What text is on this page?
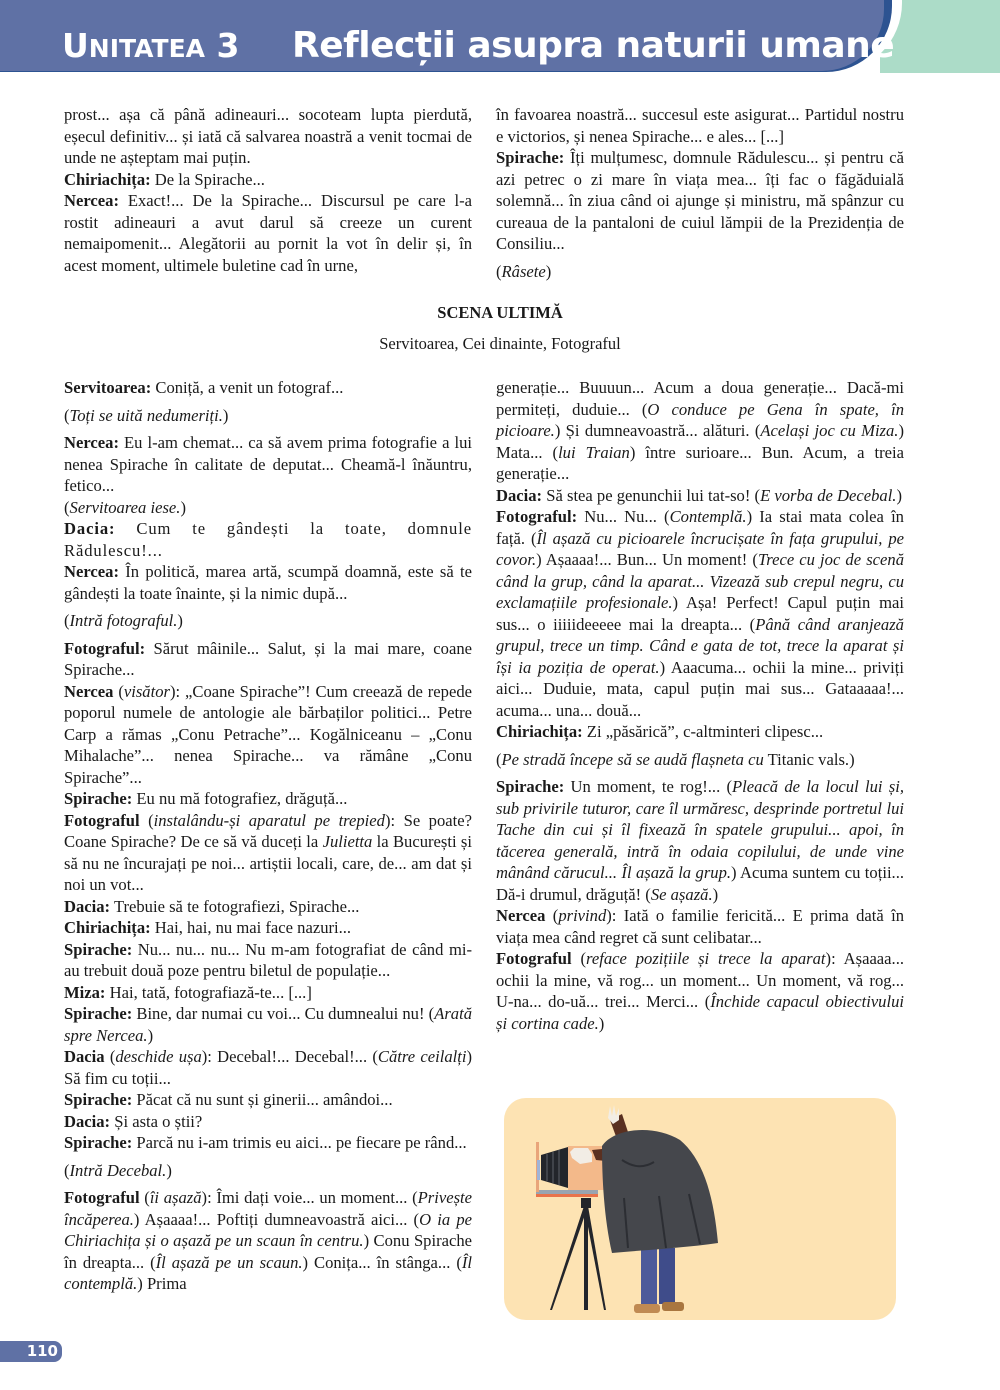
UNITATEA 3 Reflecții asupra naturii umane

prost... așa că până adineauri... socoteam lupta pierdută, eșecul definitiv... și iată că salvarea noastră a venit tocmai de unde ne așteptam mai puțin.

Chiriachița: De la Spirache...

Nercea: Exact!... De la Spirache... Discursul pe care l-a rostit adineauri a avut darul să creeze un curent nemaipomenit... Alegătorii au pornit la vot în delir și, în acest moment, ultimele buletine cad în urne,

în favoarea noastră... succesul este asigurat... Partidul nostru e victorios, și nenea Spirache... e ales... [...]

Spirache: Îți mulțumesc, domnule Rădulescu... și pentru că azi petrec o zi mare în viața mea... îți fac o făgăduială solemnă... în ziua când oi ajunge și ministru, mă spânzur cu cureaua de la pantaloni de cuiul lămpii de la Prezidenția de Consiliu...

(Râsete)

SCENA ULTIMĂ
Servitoarea, Cei dinainte, Fotograful

Servitoarea: Coniță, a venit un fotograf...

(Toți se uită nedumeriți.)

Nercea: Eu l-am chemat... ca să avem prima fotografie a lui nenea Spirache în calitate de deputat... Cheamă-l înăuntru, fetico...

(Servitoarea iese.)

Dacia: Cum te gândești la toate, domnule Rădulescu!...

Nercea: În politică, marea artă, scumpă doamnă, este să te gândești la toate înainte, și la nimic după...

(Intră fotograful.)

Fotograful: Sărut mâinile... Salut, și la mai mare, coane Spirache...

Nercea (visător): „Coane Spirache”! Cum creează de repede poporul numele de antologie ale bărbaților politici... Petre Carp a rămas „Conu Petrache”... Kogălniceanu – „Conu Mihalache”... nenea Spirache... va rămâne „Conu Spirache”...

Spirache: Eu nu mă fotografiez, drăguță...

Fotograful (instalându-și aparatul pe trepied): Se poate? Coane Spirache? De ce să vă duceți la Julietta la București și să nu ne încurajați pe noi... artiștii locali, care, de... am dat și noi un vot...

Dacia: Trebuie să te fotografiezi, Spirache...

Chiriachița: Hai, hai, nu mai face nazuri...

Spirache: Nu... nu... nu... Nu m-am fotografiat de când mi-au trebuit două poze pentru biletul de populație...

Miza: Hai, tată, fotografiază-te... [...]

Spirache: Bine, dar numai cu voi... Cu dumnealui nu! (Arată spre Nercea.)

Dacia (deschide ușa): Decebal!... Decebal!... (Către ceilalți) Să fim cu toții...

Spirache: Păcat că nu sunt și ginerii... amândoi...

Dacia: Și asta o știi?

Spirache: Parcă nu i-am trimis eu aici... pe fiecare pe rând...

(Intră Decebal.)

Fotograful (îi așază): Îmi dați voie... un moment... (Privește încăperea.) Așaaaa!... Poftiți dumneavoastră aici... (O ia pe Chiriachița și o așază pe un scaun în centru.) Conu Spirache în dreapta... (Îl așază pe un scaun.) Conița... în stânga... (Îl contemplă.) Prima

generație... Buuuun... Acum a doua generație... Dacă-mi permiteți, duduie... (O conduce pe Gena în spate, în picioare.) Și dumneavoastră... alături. (Același joc cu Miza.) Mata... (lui Traian) între surioare... Bun. Acum, a treia generație...

Dacia: Să stea pe genunchii lui tat-so! (E vorba de Decebal.)

Fotograful: Nu... Nu... (Contemplă.) Ia stai mata colea în față. (Îl așază cu picioarele încrucișate în fața grupului, pe covor.) Așaaaa!... Bun... Un moment! (Trece cu joc de scenă când la grup, când la aparat... Vizează sub crepul negru, cu exclamațiile profesionale.) Așa! Perfect! Capul puțin mai sus... o iiiiideeeee mai la dreapta... (Până când aranjează grupul, trece un timp. Când e gata de tot, trece la aparat și își ia poziția de operat.) Aaacuma... ochii la mine... priviți aici... Duduie, mata, capul puțin mai sus... Gataaaaa!... acuma... una... două...

Chiriachița: Zi „păsărică”, c-altminteri clipesc...

(Pe stradă începe să se audă flașneta cu Titanic vals.)

Spirache: Un moment, te rog!... (Pleacă de la locul lui și, sub privirile tuturor, care îl urmăresc, desprinde portretul lui Tache din cui și îl fixează în spatele grupului... apoi, în tăcerea generală, intră în odaia copilului, de unde vine mânând cărucul... Îl așază la grup.) Acuma suntem cu toții... Dă-i drumul, drăguță! (Se așază.)

Nercea (privind): Iată o familie fericită... E prima dată în viața mea când regret că sunt celibatar...

Fotograful (reface pozițiile și trece la aparat): Așaaaa... ochii la mine, vă rog... un moment... Un moment, vă rog... U-na... do-uă... trei... Merci... (Închide capacul obiectivului și cortina cade.)

110
